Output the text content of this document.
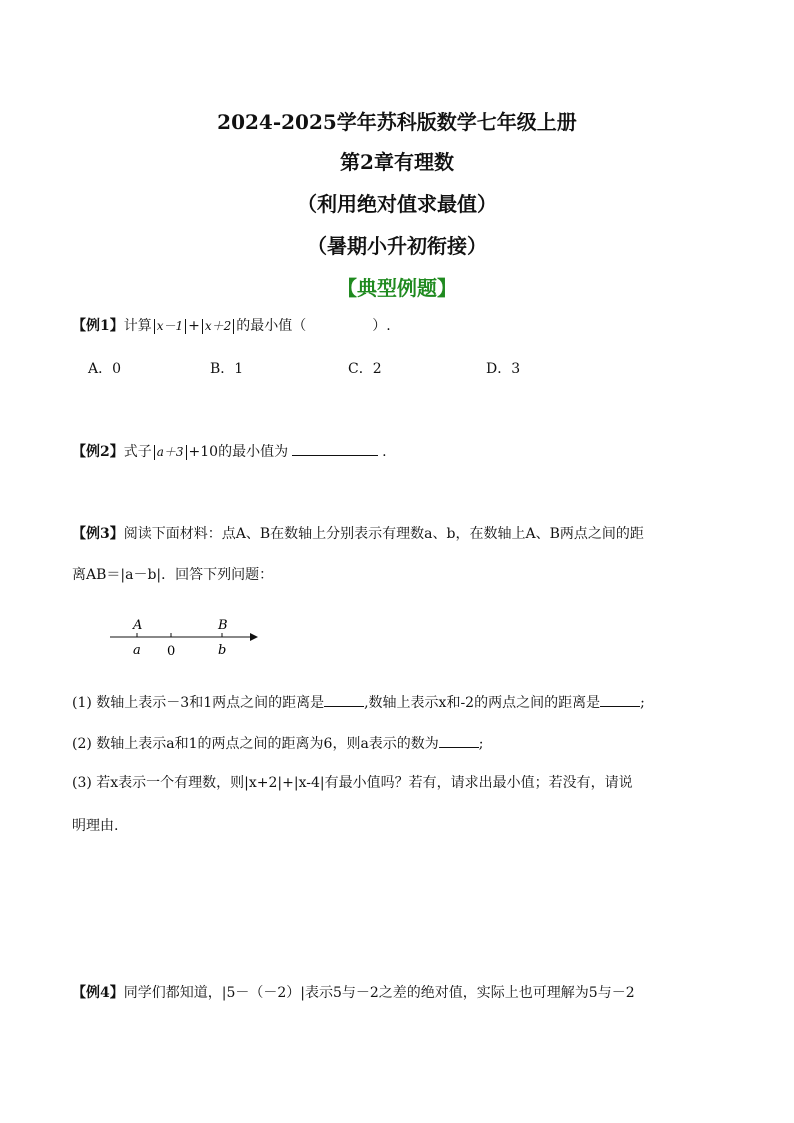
2024-2025学年苏科版数学七年级上册
第2章有理数
（利用绝对值求最值）
（暑期小升初衔接）
【典型例题】
【例1】计算 x－1 + x＋2 的最小值（	）.
A．0	B．1	C．2	D．3
【例2】式子 a＋3 +10的最小值为	.
【例3】阅读下面材料：点A、B在数轴上分别表示有理数a、b，在数轴上A、B两点之间的距
离AB＝|a－b|．回答下列问题：
A	B
a 0	b
(1) 数轴上表示－3和1两点之间的距离是	,数轴上表示x和-2的两点之间的距离是	;
(2) 数轴上表示a和1的两点之间的距离为6，则a表示的数为	;
(3) 若x表示一个有理数，则|x+2|+|x-4|有最小值吗？若有，请求出最小值；若没有，请说
明理由.
【例4】同学们都知道，|5－（－2）|表示5与－2之差的绝对值，实际上也可理解为5与－2
